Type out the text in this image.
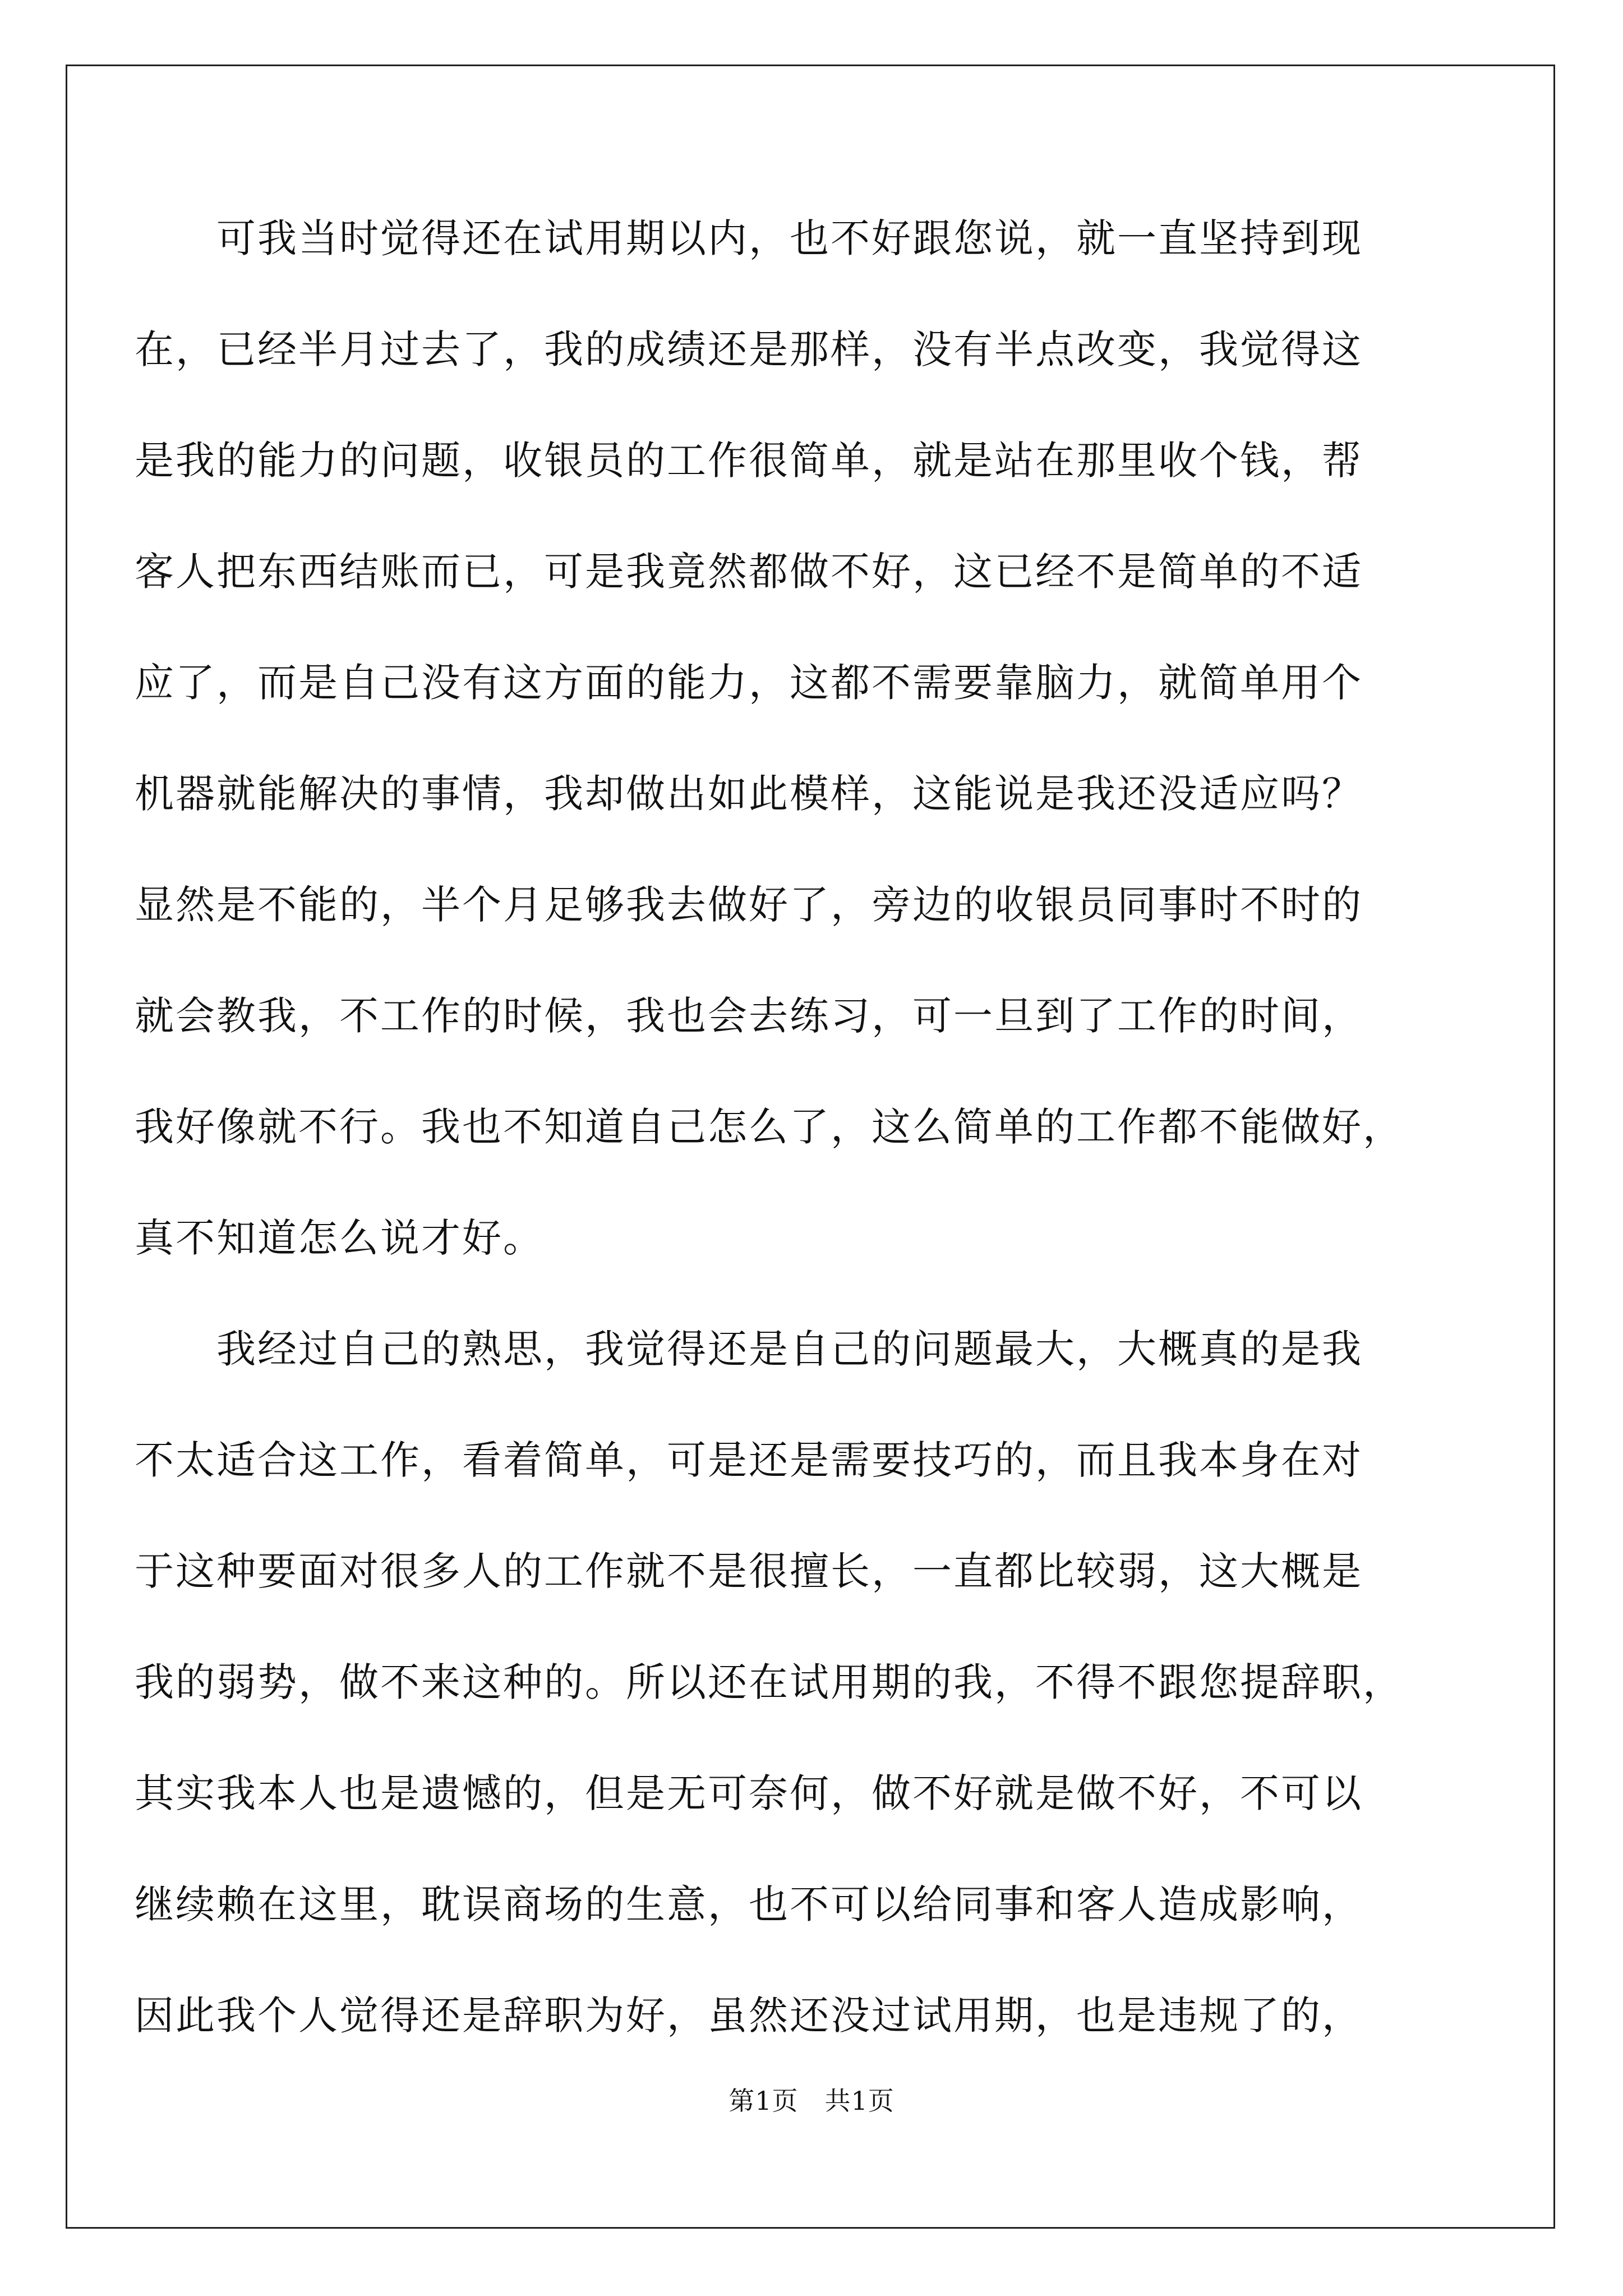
　　可我当时觉得还在试用期以内，也不好跟您说，就一直坚持到现
在，已经半月过去了，我的成绩还是那样，没有半点改变，我觉得这
是我的能力的问题，收银员的工作很简单，就是站在那里收个钱，帮
客人把东西结账而已，可是我竟然都做不好，这已经不是简单的不适
应了，而是自己没有这方面的能力，这都不需要靠脑力，就简单用个
机器就能解决的事情，我却做出如此模样，这能说是我还没适应吗？
显然是不能的，半个月足够我去做好了，旁边的收银员同事时不时的
就会教我，不工作的时候，我也会去练习，可一旦到了工作的时间，
我好像就不行。我也不知道自己怎么了，这么简单的工作都不能做好，
真不知道怎么说才好。
　　我经过自己的熟思，我觉得还是自己的问题最大，大概真的是我
不太适合这工作，看着简单，可是还是需要技巧的，而且我本身在对
于这种要面对很多人的工作就不是很擅长，一直都比较弱，这大概是
我的弱势，做不来这种的。所以还在试用期的我，不得不跟您提辞职，
其实我本人也是遗憾的，但是无可奈何，做不好就是做不好，不可以
继续赖在这里，耽误商场的生意，也不可以给同事和客人造成影响，
因此我个人觉得还是辞职为好，虽然还没过试用期，也是违规了的，
第1页　共1页
